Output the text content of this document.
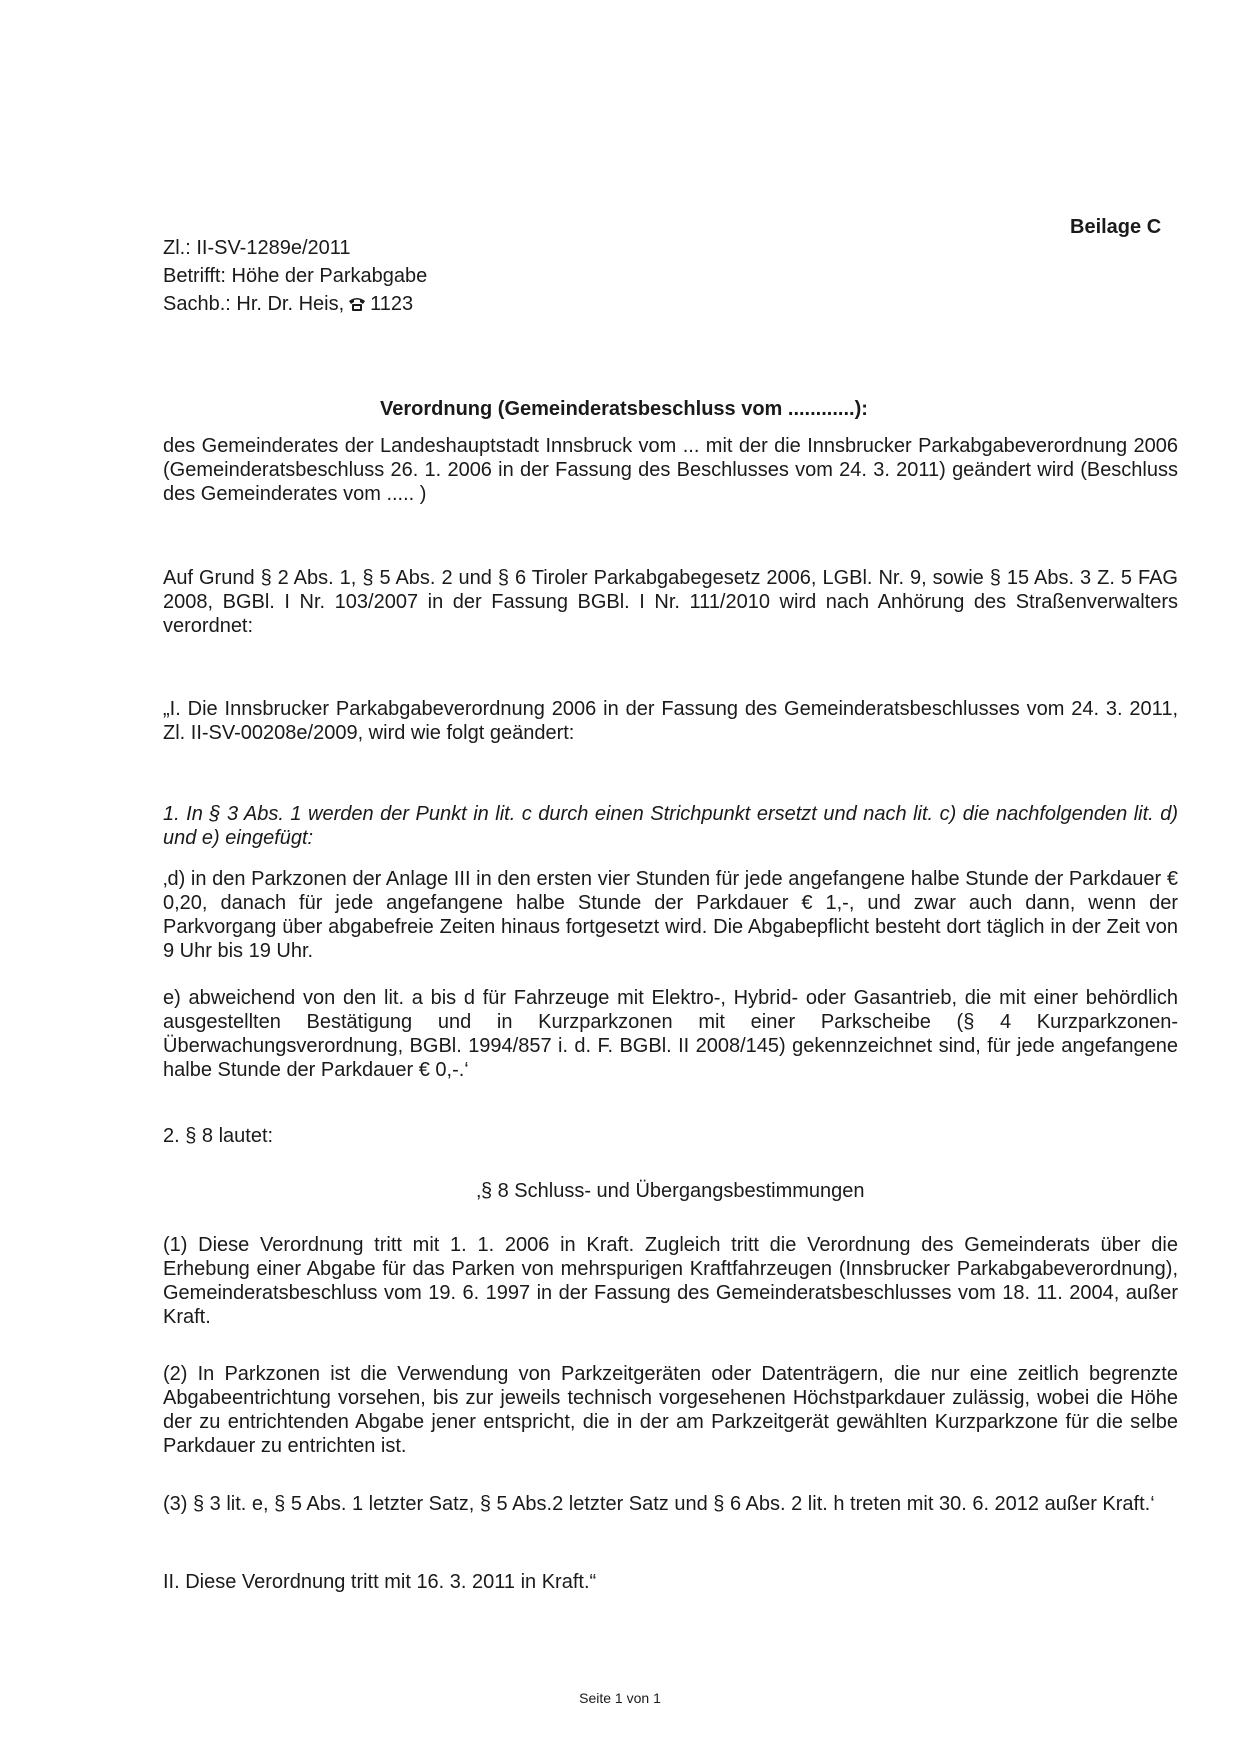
Zl.: II-SV-1289e/2011
Betrifft: Höhe der Parkabgabe
Sachb.: Hr. Dr. Heis, 1123
Beilage C
Verordnung (Gemeinderatsbeschluss vom ............):
des Gemeinderates der Landeshauptstadt Innsbruck vom ... mit der die Innsbrucker Parkabgabeverordnung 2006 (Gemeinderatsbeschluss 26. 1. 2006 in der Fassung des Beschlusses vom 24. 3. 2011) geändert wird (Beschluss des Gemeinderates vom ..... )
Auf Grund § 2 Abs. 1, § 5 Abs. 2 und § 6 Tiroler Parkabgabegesetz 2006, LGBl. Nr. 9, sowie § 15 Abs. 3 Z. 5 FAG 2008, BGBl. I Nr. 103/2007 in der Fassung BGBl. I Nr. 111/2010 wird nach Anhörung des Straßenverwalters verordnet:
„I. Die Innsbrucker Parkabgabeverordnung 2006 in der Fassung des Gemeinderatsbeschlusses vom 24. 3. 2011, Zl. II-SV-00208e/2009, wird wie folgt geändert:
1. In § 3 Abs. 1 werden der Punkt in lit. c durch einen Strichpunkt ersetzt und nach lit. c) die nachfolgenden lit. d) und e) eingefügt:
‚d) in den Parkzonen der Anlage III in den ersten vier Stunden für jede angefangene halbe Stunde der Parkdauer € 0,20, danach für jede angefangene halbe Stunde der Parkdauer € 1,-, und zwar auch dann, wenn der Parkvorgang über abgabefreie Zeiten hinaus fortgesetzt wird. Die Abgabepflicht besteht dort täglich in der Zeit von 9 Uhr bis 19 Uhr.
e) abweichend von den lit. a bis d für Fahrzeuge mit Elektro-, Hybrid- oder Gasantrieb, die mit einer behördlich ausgestellten Bestätigung und in Kurzparkzonen mit einer Parkscheibe (§ 4 Kurzparkzonen-Überwachungsverordnung, BGBl. 1994/857 i. d. F. BGBl. II 2008/145) gekennzeichnet sind, für jede angefangene halbe Stunde der Parkdauer € 0,-.‘
2. § 8 lautet:
‚§ 8 Schluss- und Übergangsbestimmungen
(1) Diese Verordnung tritt mit 1. 1. 2006 in Kraft. Zugleich tritt die Verordnung des Gemeinderats über die Erhebung einer Abgabe für das Parken von mehrspurigen Kraftfahrzeugen (Innsbrucker Parkabgabeverordnung), Gemeinderatsbeschluss vom 19. 6. 1997 in der Fassung des Gemeinderatsbeschlusses vom 18. 11. 2004, außer Kraft.
(2) In Parkzonen ist die Verwendung von Parkzeitgeräten oder Datenträgern, die nur eine zeitlich begrenzte Abgabeentrichtung vorsehen, bis zur jeweils technisch vorgesehenen Höchstparkdauer zulässig, wobei die Höhe der zu entrichtenden Abgabe jener entspricht, die in der am Parkzeitgerät gewählten Kurzparkzone für die selbe Parkdauer zu entrichten ist.
(3) § 3 lit. e, § 5 Abs. 1 letzter Satz, § 5 Abs.2 letzter Satz und § 6 Abs. 2 lit. h treten mit 30. 6. 2012 außer Kraft.‘
II. Diese Verordnung tritt mit 16. 3. 2011 in Kraft.“
Seite 1 von 1
